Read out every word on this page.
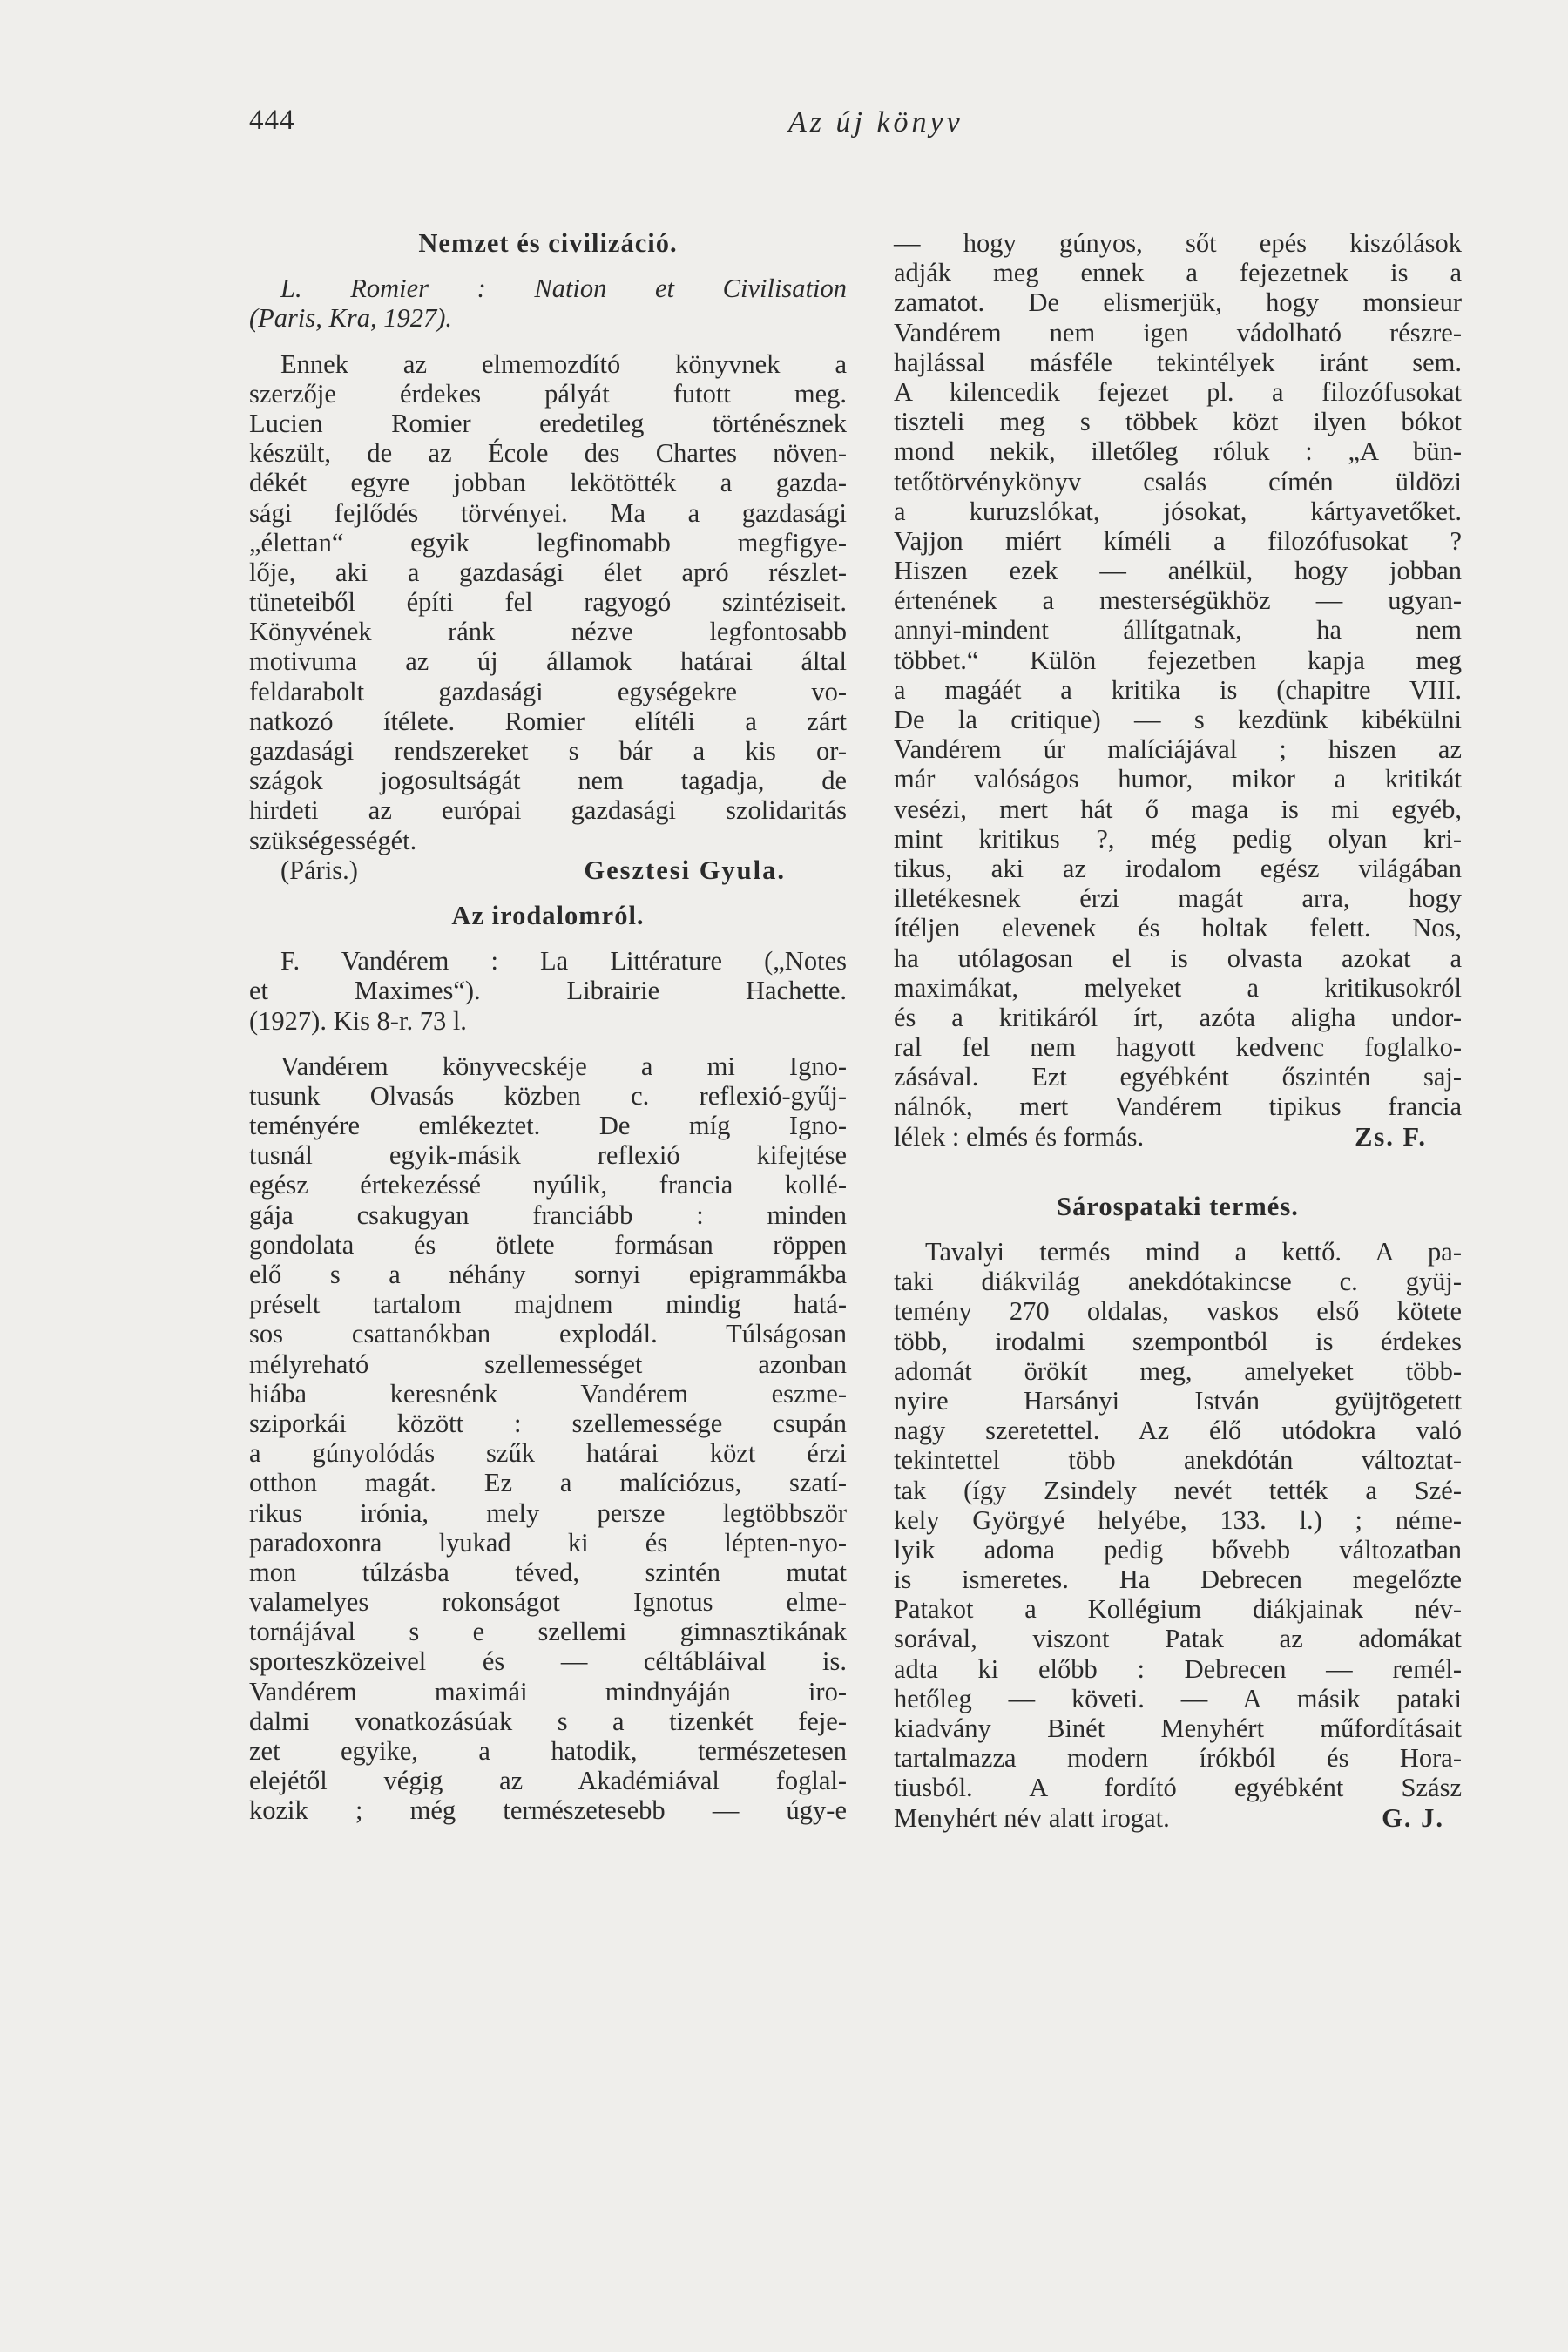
444	Az új könyv
Nemzet és civilizáció.
L. Romier : Nation et Civilisation
(Paris, Kra, 1927).
Ennek az elmemozdító könyvnek a
szerzője érdekes pályát futott meg.
Lucien Romier eredetileg történésznek
készült, de az École des Chartes növen-
dékét egyre jobban lekötötték a gazda-
sági fejlődés törvényei. Ma a gazdasági
„élettan“ egyik legfinomabb megfigye-
lője, aki a gazdasági élet apró részlet-
tüneteiből építi fel ragyogó szintéziseit.
Könyvének ránk nézve legfontosabb
motivuma az új államok határai által
feldarabolt gazdasági egységekre vo-
natkozó ítélete. Romier elítéli a zárt
gazdasági rendszereket s bár a kis or-
szágok jogosultságát nem tagadja, de
hirdeti az európai gazdasági szolidaritás
szükségességét.
(Páris.)	Gesztesi Gyula.
Az irodalomról.
F. Vandérem : La Littérature („Notes
et Maximes“). Librairie Hachette.
(1927). Kis 8-r. 73 l.
Vandérem könyvecskéje a mi Igno-
tusunk Olvasás közben c. reflexió-gyűj-
teményére emlékeztet. De míg Igno-
tusnál egyik-másik reflexió kifejtése
egész értekezéssé nyúlik, francia kollé-
gája csakugyan franciább : minden
gondolata és ötlete formásan röppen
elő s a néhány sornyi epigrammákba
préselt tartalom majdnem mindig hatá-
sos csattanókban explodál. Túlságosan
mélyreható szellemességet azonban
hiába keresnénk Vandérem eszme-
sziporkái között : szellemessége csupán
a gúnyolódás szűk határai közt érzi
otthon magát. Ez a malíciózus, szatí-
rikus irónia, mely persze legtöbbször
paradoxonra lyukad ki és lépten-nyo-
mon túlzásba téved, szintén mutat
valamelyes rokonságot Ignotus elme-
tornájával s e szellemi gimnasztikának
sporteszközeivel és — céltábláival is.
Vandérem maximái mindnyáján iro-
dalmi vonatkozásúak s a tizenkét feje-
zet egyike, a hatodik, természetesen
elejétől végig az Akadémiával foglal-
kozik ; még természetesebb — úgy-e
— hogy gúnyos, sőt epés kiszólások
adják meg ennek a fejezetnek is a
zamatot. De elismerjük, hogy monsieur
Vandérem nem igen vádolható részre-
hajlással másféle tekintélyek iránt sem.
A kilencedik fejezet pl. a filozófusokat
tiszteli meg s többek közt ilyen bókot
mond nekik, illetőleg róluk : „A bün-
tetőtörvénykönyv csalás címén üldözi
a kuruzslókat, jósokat, kártyavetőket.
Vajjon miért kíméli a filozófusokat ?
Hiszen ezek — anélkül, hogy jobban
értenének a mesterségükhöz — ugyan-
annyi-mindent állítgatnak, ha nem
többet.“ Külön fejezetben kapja meg
a magáét a kritika is (chapitre VIII.
De la critique) — s kezdünk kibékülni
Vandérem úr malíciájával ; hiszen az
már valóságos humor, mikor a kritikát
vesézi, mert hát ő maga is mi egyéb,
mint kritikus ?, még pedig olyan kri-
tikus, aki az irodalom egész világában
illetékesnek érzi magát arra, hogy
ítéljen elevenek és holtak felett. Nos,
ha utólagosan el is olvasta azokat a
maximákat, melyeket a kritikusokról
és a kritikáról írt, azóta aligha undor-
ral fel nem hagyott kedvenc foglalko-
zásával. Ezt egyébként őszintén saj-
nálnók, mert Vandérem tipikus francia
lélek : elmés és formás.	Zs. F.
Sárospataki termés.
Tavalyi termés mind a kettő. A pa-
taki diákvilág anekdótakincse c. gyüj-
temény 270 oldalas, vaskos első kötete
több, irodalmi szempontból is érdekes
adomát örökít meg, amelyeket több-
nyire Harsányi István gyüjtögetett
nagy szeretettel. Az élő utódokra való
tekintettel több anekdótán változtat-
tak (így Zsindely nevét tették a Szé-
kely Györgyé helyébe, 133. l.) ; néme-
lyik adoma pedig bővebb változatban
is ismeretes. Ha Debrecen megelőzte
Patakot a Kollégium diákjainak név-
sorával, viszont Patak az adomákat
adta ki előbb : Debrecen — remél-
hetőleg — követi. — A másik pataki
kiadvány Binét Menyhért műfordításait
tartalmazza modern írókból és Hora-
tiusból. A fordító egyébként Szász
Menyhért név alatt irogat.	G. J.
